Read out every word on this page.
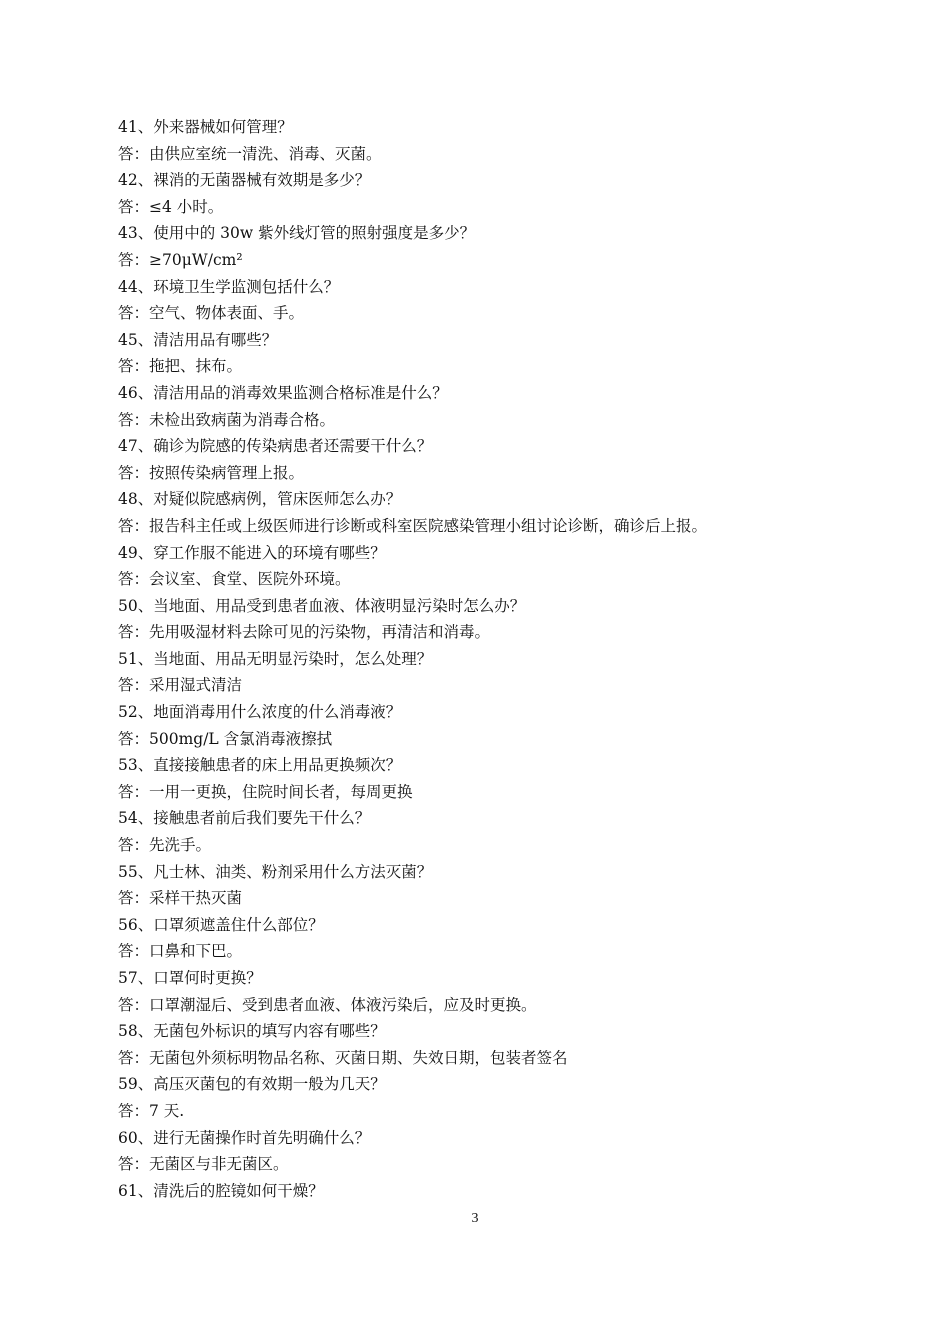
41、外来器械如何管理？
答：由供应室统一清洗、消毒、灭菌。
42、裸消的无菌器械有效期是多少？
答：≤4 小时。
43、使用中的 30w 紫外线灯管的照射强度是多少？
答：≥70μW/cm²
44、环境卫生学监测包括什么？
答：空气、物体表面、手。
45、清洁用品有哪些？
答：拖把、抹布。
46、清洁用品的消毒效果监测合格标准是什么？
答：未检出致病菌为消毒合格。
47、确诊为院感的传染病患者还需要干什么？
答：按照传染病管理上报。
48、对疑似院感病例，管床医师怎么办？
答：报告科主任或上级医师进行诊断或科室医院感染管理小组讨论诊断，确诊后上报。
49、穿工作服不能进入的环境有哪些？
答：会议室、食堂、医院外环境。
50、当地面、用品受到患者血液、体液明显污染时怎么办？
答：先用吸湿材料去除可见的污染物，再清洁和消毒。
51、当地面、用品无明显污染时，怎么处理？
答：采用湿式清洁
52、地面消毒用什么浓度的什么消毒液？
答：500mg/L 含氯消毒液擦拭
53、直接接触患者的床上用品更换频次？
答：一用一更换，住院时间长者，每周更换
54、接触患者前后我们要先干什么？
答：先洗手。
55、凡士林、油类、粉剂采用什么方法灭菌？
答：采样干热灭菌
56、口罩须遮盖住什么部位？
答：口鼻和下巴。
57、口罩何时更换？
答：口罩潮湿后、受到患者血液、体液污染后，应及时更换。
58、无菌包外标识的填写内容有哪些？
答：无菌包外须标明物品名称、灭菌日期、失效日期，包装者签名
59、高压灭菌包的有效期一般为几天？
答：7 天.
60、进行无菌操作时首先明确什么？
答：无菌区与非无菌区。
61、清洗后的腔镜如何干燥？
3
